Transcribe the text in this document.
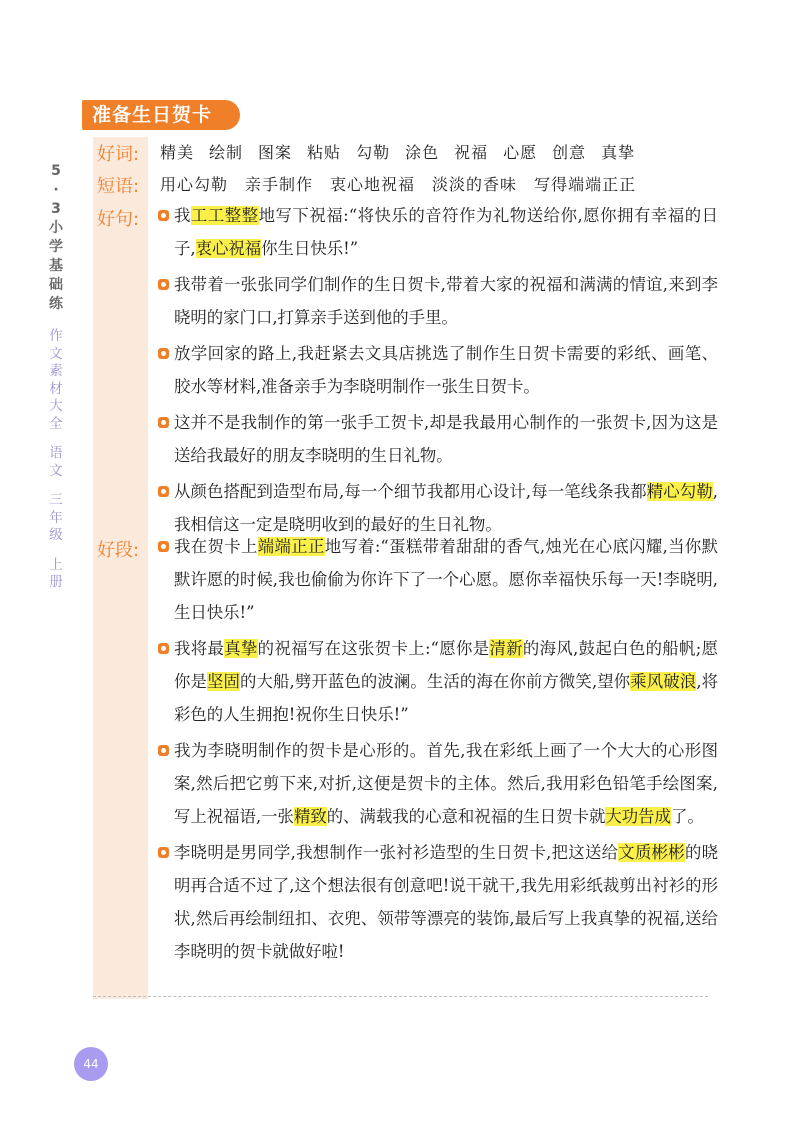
准备生日贺卡
5
·
3
小
学
基
础
练
作
文
素
材
大
全
语
文
三
年
级
上
册
好词: 精美 绘制 图案 粘贴 勾勒 涂色 祝福 心愿 创意 真挚
短语: 用心勾勒 亲手制作 衷心地祝福 淡淡的香味 写得端端正正
好句:	我工工整整地写下祝福:“将快乐的音符作为礼物送给你,愿你拥有幸福的日子,衷心祝福你生日快乐!”
我带着一张张同学们制作的生日贺卡,带着大家的祝福和满满的情谊,来到李晓明的家门口,打算亲手送到他的手里。
放学回家的路上,我赶紧去文具店挑选了制作生日贺卡需要的彩纸、画笔、胶水等材料,准备亲手为李晓明制作一张生日贺卡。
这并不是我制作的第一张手工贺卡,却是我最用心制作的一张贺卡,因为这是送给我最好的朋友李晓明的生日礼物。
从颜色搭配到造型布局,每一个细节我都用心设计,每一笔线条我都精心勾勒,我相信这一定是晓明收到的最好的生日礼物。
好段:	我在贺卡上端端正正地写着:“蛋糕带着甜甜的香气,烛光在心底闪耀,当你默默许愿的时候,我也偷偷为你许下了一个心愿。愿你幸福快乐每一天!李晓明,生日快乐!”
我将最真挚的祝福写在这张贺卡上:“愿你是清新的海风,鼓起白色的船帆;愿你是坚固的大船,劈开蓝色的波澜。生活的海在你前方微笑,望你乘风破浪,将彩色的人生拥抱!祝你生日快乐!”
我为李晓明制作的贺卡是心形的。首先,我在彩纸上画了一个大大的心形图案,然后把它剪下来,对折,这便是贺卡的主体。然后,我用彩色铅笔手绘图案,写上祝福语,一张精致的、满载我的心意和祝福的生日贺卡就大功告成了。
李晓明是男同学,我想制作一张衬衫造型的生日贺卡,把这送给文质彬彬的晓明再合适不过了,这个想法很有创意吧!说干就干,我先用彩纸裁剪出衬衫的形状,然后再绘制纽扣、衣兜、领带等漂亮的装饰,最后写上我真挚的祝福,送给李晓明的贺卡就做好啦!
44
